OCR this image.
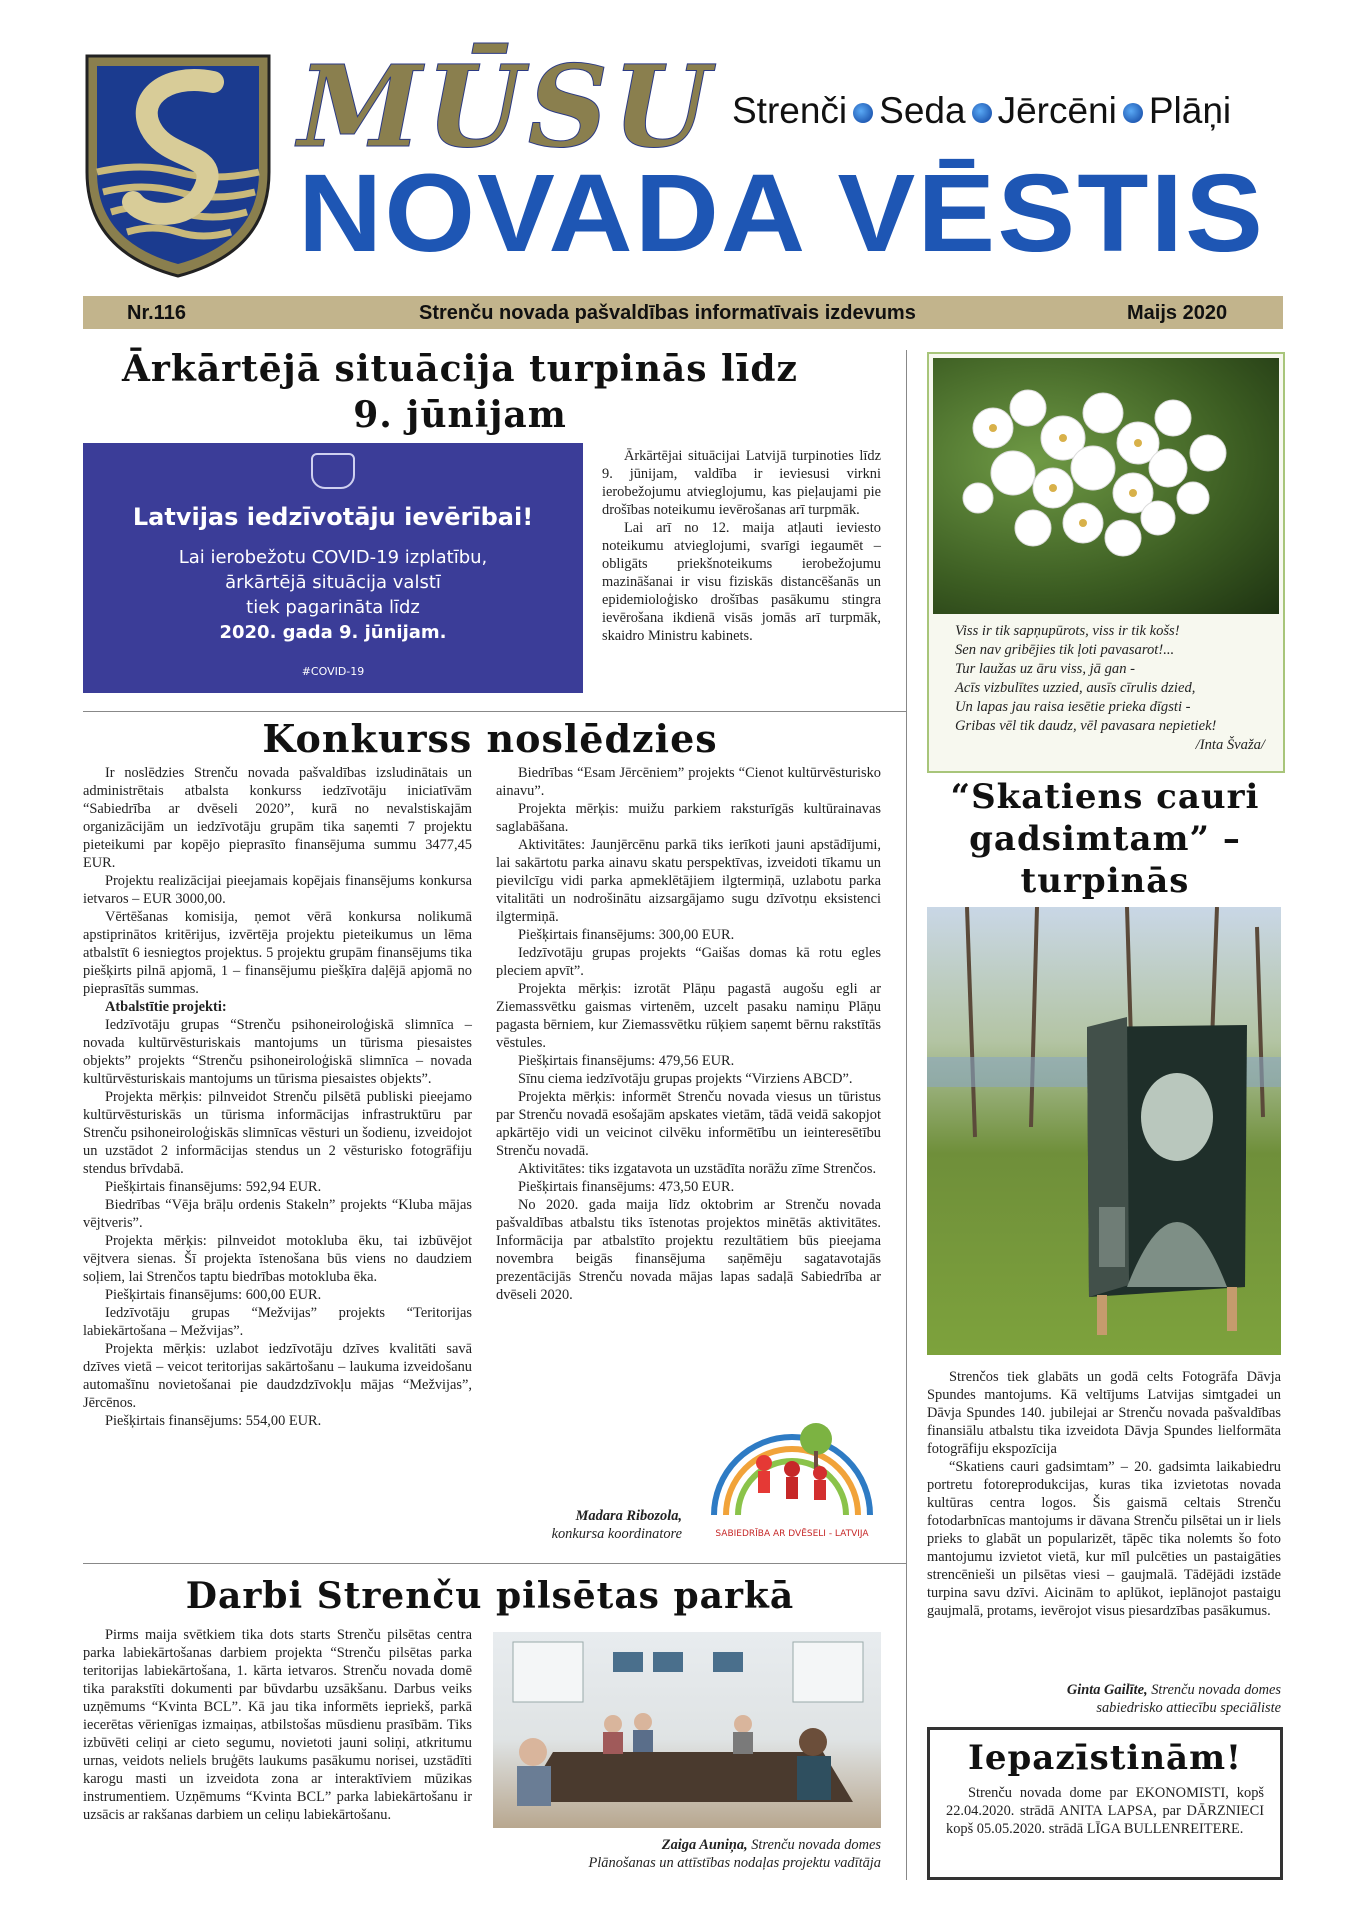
MŪSU Strenči Seda Jērcēni Plāņi
NOVADA VĒSTIS
Nr.116	Strenču novada pašvaldības informatīvais izdevums	Maijs 2020
Ārkārtējā situācija turpinās līdz
9. jūnijam
Latvijas iedzīvotāju ievērībai!
Lai ierobežotu COVID-19 izplatību,
ārkārtējā situācija valstī
tiek pagarināta līdz
2020. gada 9. jūnijam.
#COVID-19

Ārkārtējai situācijai Latvijā turpinoties līdz 9. jūnijam, valdība ir ieviesusi virkni ierobežojumu atvieglojumu, kas pieļaujami pie drošības noteikumu ievērošanas arī turpmāk.

Lai arī no 12. maija atļauti ieviesto noteikumu atvieglojumi, svarīgi iegaumēt – obligāts priekšnoteikums ierobežojumu mazināšanai ir visu fiziskās distancēšanās un epidemioloģisko drošības pasākumu stingra ievērošana ikdienā visās jomās arī turpmāk, skaidro Ministru kabinets.	Viss ir tik sapņupūrots, viss ir tik košs!
Sen nav gribējies tik ļoti pavasarot!...
Tur laužas uz āru viss, jā gan -
Acīs vizbulītes uzzied, ausīs cīrulis dzied,
Un lapas jau raisa iesētie prieka dīgsti -
Gribas vēl tik daudz, vēl pavasara nepietiek!
/Inta Švaža/
Konkurss noslēdzies

Ir noslēdzies Strenču novada pašvaldības izsludinātais un administrētais atbalsta konkurss iedzīvotāju iniciatīvām “Sabiedrība ar dvēseli 2020”, kurā no nevalstiskajām organizācijām un iedzīvotāju grupām tika saņemti 7 projektu pieteikumi par kopējo pieprasīto finansējuma summu 3477,45 EUR.

Projektu realizācijai pieejamais kopējais finansējums konkursa ietvaros – EUR 3000,00.

Vērtēšanas komisija, ņemot vērā konkursa nolikumā apstiprinātos kritērijus, izvērtēja projektu pieteikumus un lēma atbalstīt 6 iesniegtos projektus. 5 projektu grupām finansējums tika piešķirts pilnā apjomā, 1 – finansējumu piešķīra daļējā apjomā no pieprasītās summas.

Atbalstītie projekti:

Iedzīvotāju grupas “Strenču psihoneiroloģiskā slimnīca – novada kultūrvēsturiskais mantojums un tūrisma piesaistes objekts” projekts “Strenču psihoneiroloģiskā slimnīca – novada kultūrvēsturiskais mantojums un tūrisma piesaistes objekts”.

Projekta mērķis: pilnveidot Strenču pilsētā publiski pieejamo kultūrvēsturiskās un tūrisma informācijas infrastruktūru par Strenču psihoneiroloģiskās slimnīcas vēsturi un šodienu, izveidojot un uzstādot 2 informācijas stendus un 2 vēsturisko fotogrāfiju stendus brīvdabā.

Piešķirtais finansējums: 592,94 EUR.

Biedrības “Vēja brāļu ordenis Stakeln” projekts “Kluba mājas vējtveris”.

Projekta mērķis: pilnveidot motokluba ēku, tai izbūvējot vējtvera sienas. Šī projekta īstenošana būs viens no daudziem soļiem, lai Strenčos taptu biedrības motokluba ēka.

Piešķirtais finansējums: 600,00 EUR.

Iedzīvotāju grupas “Mežvijas” projekts “Teritorijas labiekārtošana – Mežvijas”.

Projekta mērķis: uzlabot iedzīvotāju dzīves kvalitāti savā dzīves vietā – veicot teritorijas sakārtošanu – laukuma izveidošanu automašīnu novietošanai pie daudzdzīvokļu mājas “Mežvijas”, Jērcēnos.

Piešķirtais finansējums: 554,00 EUR.

Biedrības “Esam Jērcēniem” projekts “Cienot kultūrvēsturisko ainavu”.

Projekta mērķis: muižu parkiem raksturīgās kultūrainavas saglabāšana.

Aktivitātes: Jaunjērcēnu parkā tiks ierīkoti jauni apstādījumi, lai sakārtotu parka ainavu skatu perspektīvas, izveidoti tīkamu un pievilcīgu vidi parka apmeklētājiem ilgtermiņā, uzlabotu parka vitalitāti un nodrošinātu aizsargājamo sugu dzīvotņu eksistenci ilgtermiņā.

Piešķirtais finansējums: 300,00 EUR.

Iedzīvotāju grupas projekts “Gaišas domas kā rotu egles pleciem apvīt”.

Projekta mērķis: izrotāt Plāņu pagastā augošu egli ar Ziemassvētku gaismas virtenēm, uzcelt pasaku namiņu Plāņu pagasta bērniem, kur Ziemassvētku rūķiem saņemt bērnu rakstītās vēstules.

Piešķirtais finansējums: 479,56 EUR.

Sīnu ciema iedzīvotāju grupas projekts “Virziens ABCD”.

Projekta mērķis: informēt Strenču novada viesus un tūristus par Strenču novadā esošajām apskates vietām, tādā veidā sakopjot apkārtējo vidi un veicinot cilvēku informētību un ieinteresētību Strenču novadā.

Aktivitātes: tiks izgatavota un uzstādīta norāžu zīme Strenčos.

Piešķirtais finansējums: 473,50 EUR.

No 2020. gada maija līdz oktobrim ar Strenču novada pašvaldības atbalstu tiks īstenotas projektos minētās aktivitātes. Informācija par atbalstīto projektu rezultātiem būs pieejama novembra beigās finansējuma saņēmēju sagatavotajās prezentācijās Strenču novada mājas lapas sadaļā Sabiedrība ar dvēseli 2020.

Madara Ribozola,
konkursa koordinatore	SABIEDRĪBA AR DVĒSELI - LATVIJA
“Skatiens cauri
gadsimtam” –
turpinās

Strenčos tiek glabāts un godā celts Fotogrāfa Dāvja Spundes mantojums. Kā veltījums Latvijas simtgadei un Dāvja Spundes 140. jubilejai ar Strenču novada pašvaldības finansiālu atbalstu tika izveidota Dāvja Spundes lielformāta fotogrāfiju ekspozīcija

“Skatiens cauri gadsimtam” – 20. gadsimta laikabiedru portretu fotoreprodukcijas, kuras tika izvietotas novada kultūras centra logos. Šis gaismā celtais Strenču fotodarbnīcas mantojums ir dāvana Strenču pilsētai un ir liels prieks to glabāt un popularizēt, tāpēc tika nolemts šo foto mantojumu izvietot vietā, kur mīl pulcēties un pastaigāties strencēnieši un pilsētas viesi – gaujmalā. Tādējādi izstāde turpina savu dzīvi. Aicinām to aplūkot, ieplānojot pastaigu gaujmalā, protams, ievērojot visus piesardzības pasākumus.

Ginta Gailīte, Strenču novada domes
sabiedrisko attiecību speciāliste
Darbi Strenču pilsētas parkā

Pirms maija svētkiem tika dots starts Strenču pilsētas centra parka labiekārtošanas darbiem projekta “Strenču pilsētas parka teritorijas labiekārtošana, 1. kārta ietvaros. Strenču novada domē tika parakstīti dokumenti par būvdarbu uzsākšanu. Darbus veiks uzņēmums “Kvinta BCL”. Kā jau tika informēts iepriekš, parkā iecerētas vērienīgas izmaiņas, atbilstošas mūsdienu prasībām. Tiks izbūvēti celiņi ar cieto segumu, novietoti jauni soliņi, atkritumu urnas, veidots neliels bruģēts laukums pasākumu norisei, uzstādīti karogu masti un izveidota zona ar interaktīviem mūzikas instrumentiem. Uzņēmums “Kvinta BCL” parka labiekārtošanu ir uzsācis ar rakšanas darbiem un celiņu labiekārtošanu.

Zaiga Auniņa, Strenču novada domes
Plānošanas un attīstības nodaļas projektu vadītāja
Iepazīstinām!
Strenču novada dome par EKONOMISTI, kopš 22.04.2020. strādā ANITA LAPSA, par DĀRZNIECI kopš 05.05.2020. strādā LĪGA BULLENREITERE.
